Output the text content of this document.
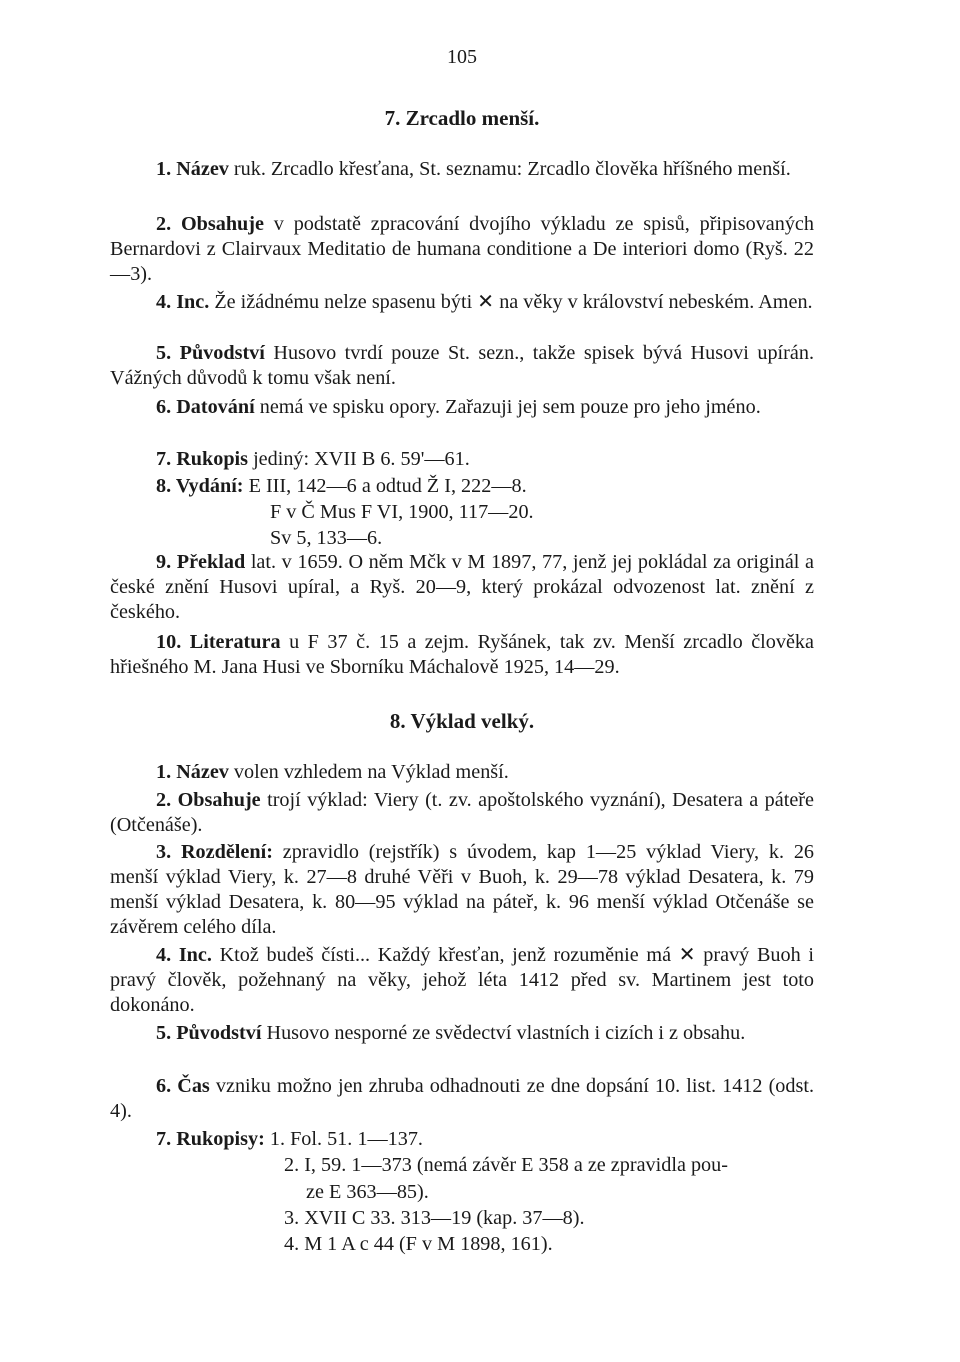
105
7. Zrcadlo menší.
1. Název ruk. Zrcadlo křesťana, St. seznamu: Zrcadlo člověka hříšného menší.
2. Obsahuje v podstatě zpracování dvojího výkladu ze spisů, připisovaných Bernardovi z Clairvaux Meditatio de humana conditione a De interiori domo (Ryš. 22—3).
4. Inc. Že ižádnému nelze spasenu býti ✕ na věky v království nebeském. Amen.
5. Původství Husovo tvrdí pouze St. sezn., takže spisek bývá Husovi upírán. Vážných důvodů k tomu však není.
6. Datování nemá ve spisku opory. Zařazuji jej sem pouze pro jeho jméno.
7. Rukopis jediný: XVII B 6. 59'—61.
8. Vydání: E III, 142—6 a odtud Ž I, 222—8.
F v Č Mus F VI, 1900, 117—20.
Sv 5, 133—6.
9. Překlad lat. v 1659. O něm Mčk v M 1897, 77, jenž jej pokládal za originál a české znění Husovi upíral, a Ryš. 20—9, který prokázal odvozenost lat. znění z českého.
10. Literatura u F 37 č. 15 a zejm. Ryšánek, tak zv. Menší zrcadlo člověka hřiešného M. Jana Husi ve Sborníku Máchalově 1925, 14—29.
8. Výklad velký.
1. Název volen vzhledem na Výklad menší.
2. Obsahuje trojí výklad: Viery (t. zv. apoštolského vyznání), Desatera a páteře (Otčenáše).
3. Rozdělení: zpravidlo (rejstřík) s úvodem, kap 1—25 výklad Viery, k. 26 menší výklad Viery, k. 27—8 druhé Věři v Buoh, k. 29—78 výklad Desatera, k. 79 menší výklad Desatera, k. 80—95 výklad na páteř, k. 96 menší výklad Otčenáše se závěrem celého díla.
4. Inc. Ktož budeš čísti... Každý křesťan, jenž rozuměnie má ✕ pravý Buoh i pravý člověk, požehnaný na věky, jehož léta 1412 před sv. Martinem jest toto dokonáno.
5. Původství Husovo nesporné ze svědectví vlastních i cizích i z obsahu.
6. Čas vzniku možno jen zhruba odhadnouti ze dne dopsání 10. list. 1412 (odst. 4).
7. Rukopisy: 1. Fol. 51. 1—137.
2. I, 59. 1—373 (nemá závěr E 358 a ze zpravidla pou-
ze E 363—85).
3. XVII C 33. 313—19 (kap. 37—8).
4. M 1 A c 44 (F v M 1898, 161).
